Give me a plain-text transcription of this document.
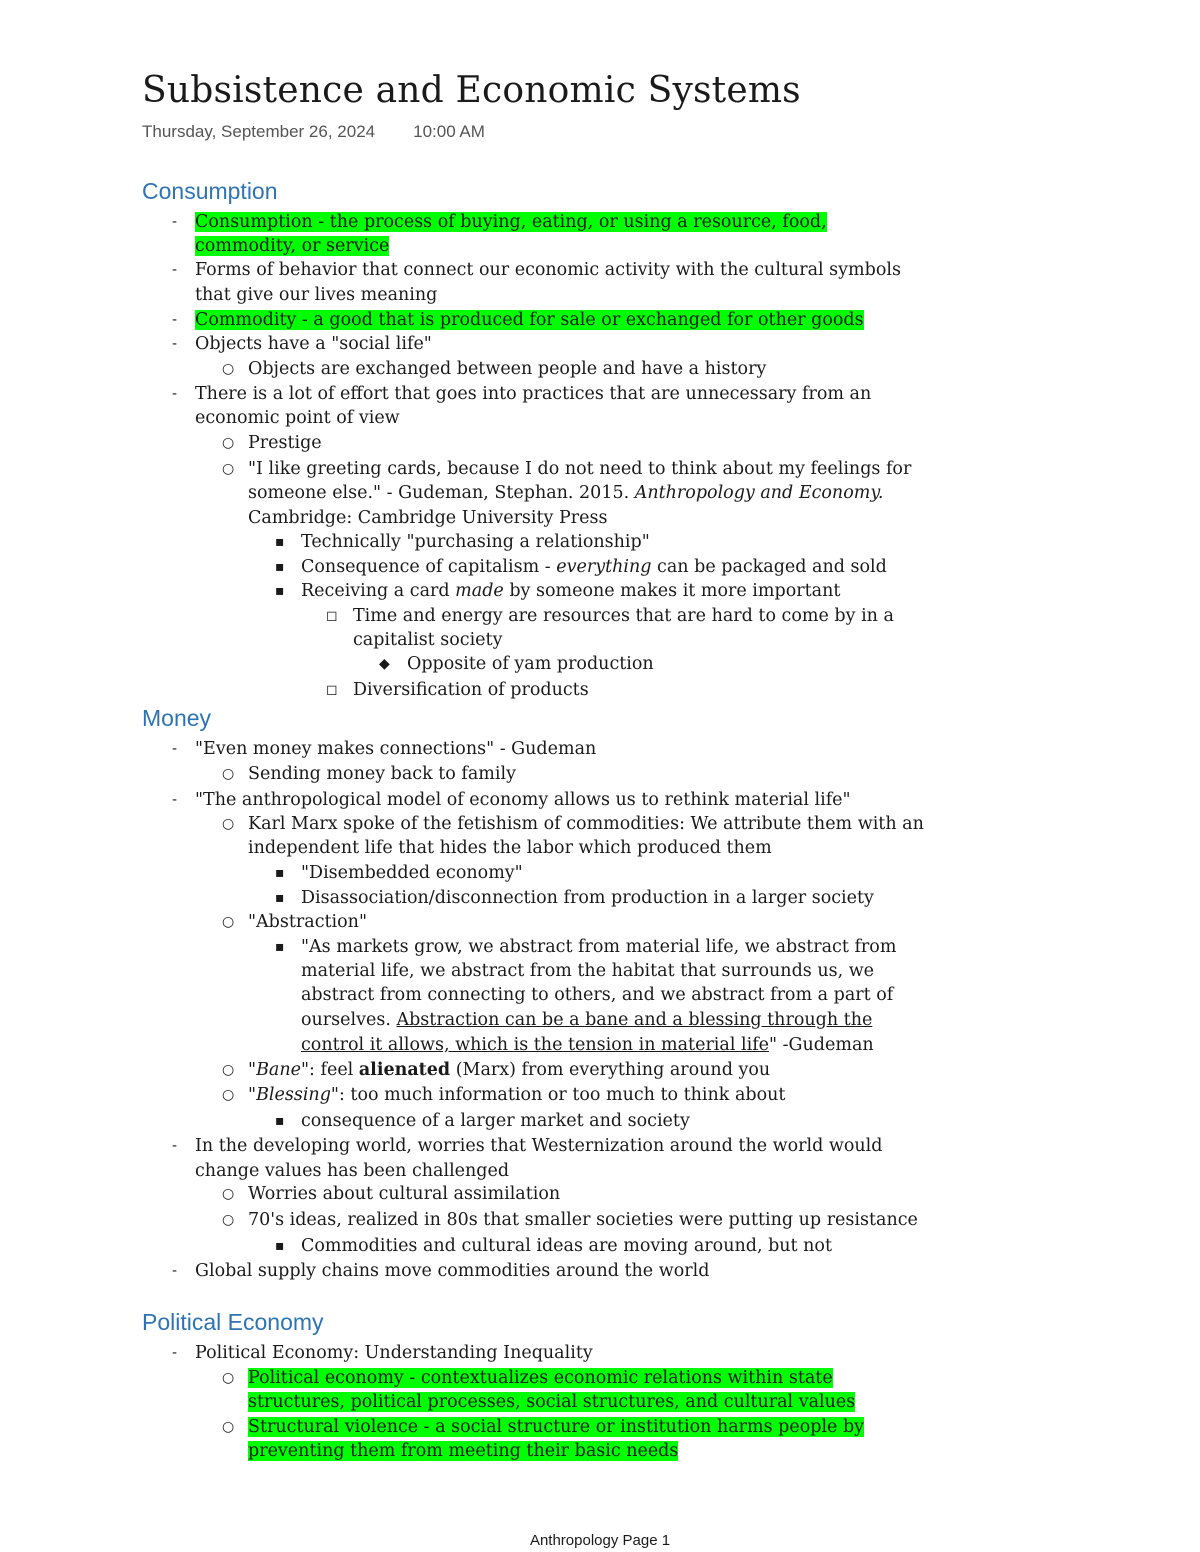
Subsistence and Economic Systems
Thursday, September 26, 2024 10:00 AM
Consumption
- Consumption - the process of buying, eating, or using a resource, food,
commodity, or service
- Forms of behavior that connect our economic activity with the cultural symbols
that give our lives meaning
- Commodity - a good that is produced for sale or exchanged for other goods
- Objects have a "social life"
○ Objects are exchanged between people and have a history
- There is a lot of effort that goes into practices that are unnecessary from an
economic point of view
○ Prestige
○ "I like greeting cards, because I do not need to think about my feelings for
someone else." - Gudeman, Stephan. 2015. Anthropology and Economy.
Cambridge: Cambridge University Press
▪ Technically "purchasing a relationship"
▪ Consequence of capitalism - everything can be packaged and sold
▪ Receiving a card made by someone makes it more important
◻ Time and energy are resources that are hard to come by in a
capitalist society
◆ Opposite of yam production
◻ Diversification of products
Money
- "Even money makes connections" - Gudeman
○ Sending money back to family
- "The anthropological model of economy allows us to rethink material life"
○ Karl Marx spoke of the fetishism of commodities: We attribute them with an
independent life that hides the labor which produced them
▪ "Disembedded economy"
▪ Disassociation/disconnection from production in a larger society
○ "Abstraction"
▪ "As markets grow, we abstract from material life, we abstract from
material life, we abstract from the habitat that surrounds us, we
abstract from connecting to others, and we abstract from a part of
ourselves. Abstraction can be a bane and a blessing through the
control it allows, which is the tension in material life" -Gudeman
○ "Bane": feel alienated (Marx) from everything around you
○ "Blessing": too much information or too much to think about
▪ consequence of a larger market and society
- In the developing world, worries that Westernization around the world would
change values has been challenged
○ Worries about cultural assimilation
○ 70's ideas, realized in 80s that smaller societies were putting up resistance
▪ Commodities and cultural ideas are moving around, but not
- Global supply chains move commodities around the world
Political Economy
- Political Economy: Understanding Inequality
○ Political economy - contextualizes economic relations within state
structures, political processes, social structures, and cultural values
○ Structural violence - a social structure or institution harms people by
preventing them from meeting their basic needs
Anthropology Page 1
